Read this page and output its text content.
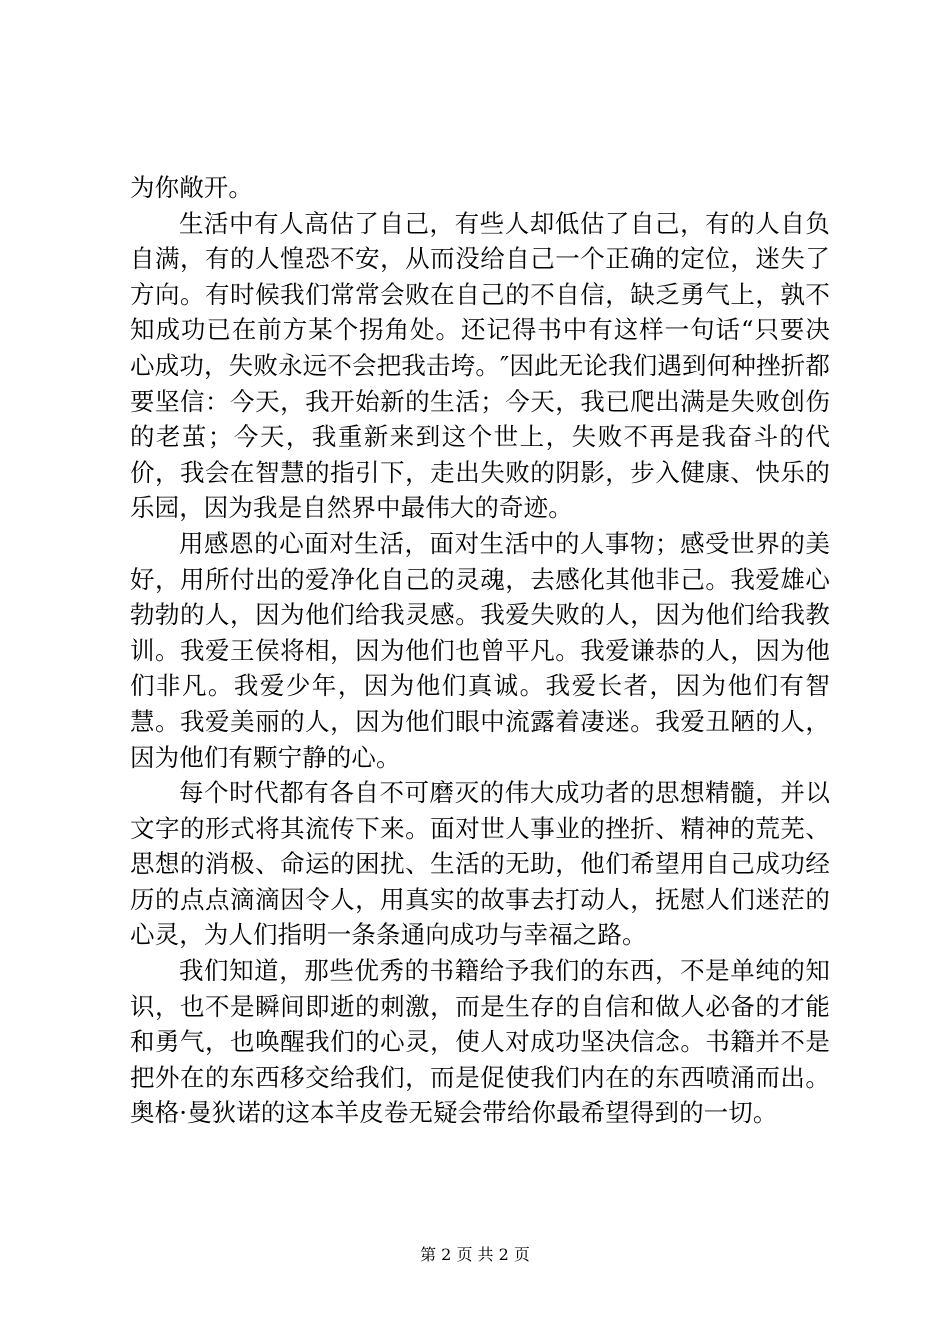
为你敞开。

生活中有人高估了自己，有些人却低估了自己，有的人自负自满，有的人惶恐不安，从而没给自己一个正确的定位，迷失了方向。有时候我们常常会败在自己的不自信，缺乏勇气上，孰不知成功已在前方某个拐角处。还记得书中有这样一句话“只要决心成功，失败永远不会把我击垮。″因此无论我们遇到何种挫折都要坚信：今天，我开始新的生活；今天，我已爬出满是失败创伤的老茧；今天，我重新来到这个世上，失败不再是我奋斗的代价，我会在智慧的指引下，走出失败的阴影，步入健康、快乐的乐园，因为我是自然界中最伟大的奇迹。

用感恩的心面对生活，面对生活中的人事物；感受世界的美好，用所付出的爱净化自己的灵魂，去感化其他非己。我爱雄心勃勃的人，因为他们给我灵感。我爱失败的人，因为他们给我教训。我爱王侯将相，因为他们也曾平凡。我爱谦恭的人，因为他们非凡。我爱少年，因为他们真诚。我爱长者，因为他们有智慧。我爱美丽的人，因为他们眼中流露着凄迷。我爱丑陋的人，因为他们有颗宁静的心。

每个时代都有各自不可磨灭的伟大成功者的思想精髓，并以文字的形式将其流传下来。面对世人事业的挫折、精神的荒芜、思想的消极、命运的困扰、生活的无助，他们希望用自己成功经历的点点滴滴因令人，用真实的故事去打动人，抚慰人们迷茫的心灵，为人们指明一条条通向成功与幸福之路。

我们知道，那些优秀的书籍给予我们的东西，不是单纯的知识，也不是瞬间即逝的刺激，而是生存的自信和做人必备的才能和勇气，也唤醒我们的心灵，使人对成功坚决信念。书籍并不是把外在的东西移交给我们，而是促使我们内在的东西喷涌而出。奥格·曼狄诺的这本羊皮卷无疑会带给你最希望得到的一切。

第 2 页 共 2 页
